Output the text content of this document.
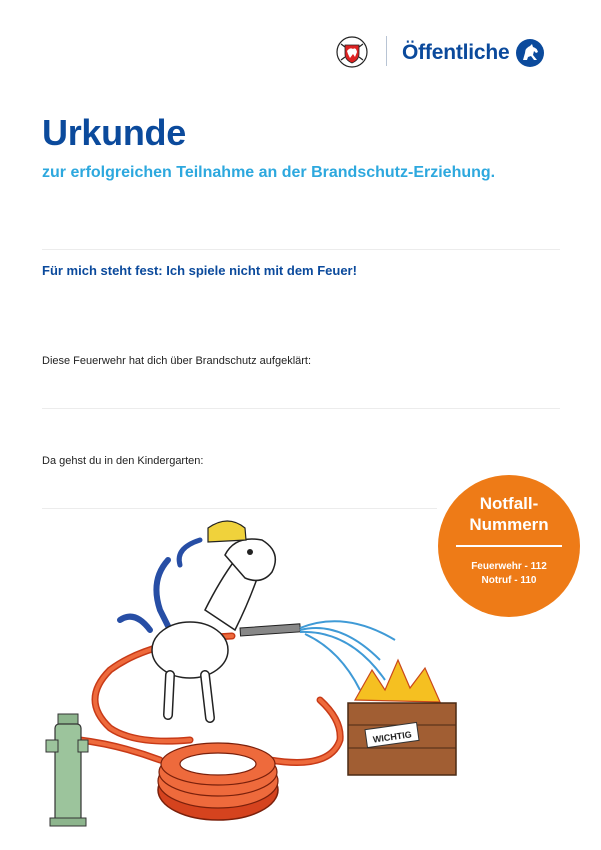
Öffentliche
Urkunde

zur erfolgreichen Teilnahme an der Brandschutz-Erziehung.

Für mich steht fest: Ich spiele nicht mit dem Feuer!

Diese Feuerwehr hat dich über Brandschutz aufgeklärt:

Da gehst du in den Kindergarten:

WICHTIG
Notfall-
Nummern
Feuerwehr - 112
Notruf - 110
